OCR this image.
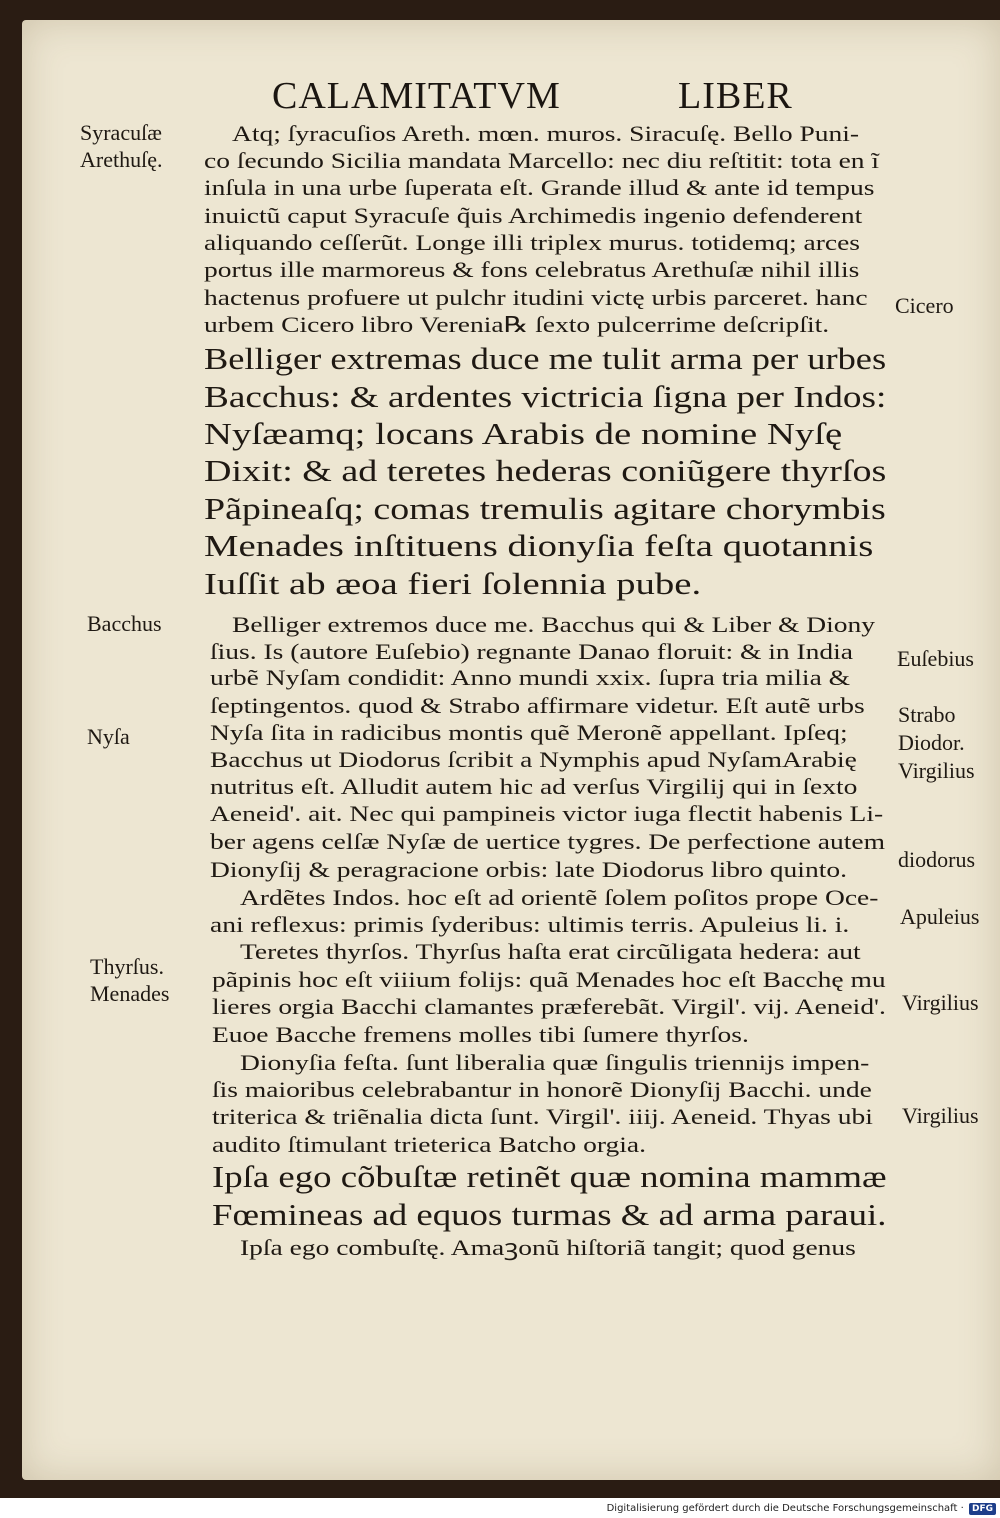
CALAMITATVM	LIBER
Atq; ſyracuſios Areth. mœn. muros. Siracuſę. Bello Puni-
co ſecundo Sicilia mandata Marcello: nec diu reſtitit: tota en ĩ
inſula in una urbe ſuperata eſt. Grande illud & ante id tempus
inuictũ caput Syracuſe q̃uis Archimedis ingenio defenderent
aliquando ceſſerũt. Longe illi triplex murus. totidemq; arces
portus ille marmoreus & fons celebratus Arethuſæ nihil illis
hactenus profuere ut pulchr itudini victę urbis parceret. hanc
urbem Cicero libro Verenia℞ ſexto pulcerrime deſcripſit.
Belliger extremas duce me tulit arma per urbes
Bacchus: & ardentes victricia ſigna per Indos:
Nyſæamq; locans Arabis de nomine Nyſę
Dixit: & ad teretes hederas coniũgere thyrſos
Pãpineaſq; comas tremulis agitare chorymbis
Menades inſtituens dionyſia feſta quotannis
Iuſſit ab æoa fieri ſolennia pube.
Belliger extremos duce me. Bacchus qui & Liber & Diony
ſius. Is (autore Euſebio) regnante Danao floruit: & in India
urbẽ Nyſam condidit: Anno mundi xxix. ſupra tria milia &
ſeptingentos. quod & Strabo affirmare videtur. Eſt autẽ urbs
Nyſa ſita in radicibus montis quẽ Meronẽ appellant. Ipſeq;
Bacchus ut Diodorus ſcribit a Nymphis apud NyſamArabię
nutritus eſt. Alludit autem hic ad verſus Virgilij qui in ſexto
Aeneid'. ait. Nec qui pampineis victor iuga flectit habenis Li-
ber agens celſæ Nyſæ de uertice tygres. De perfectione autem
Dionyſij & peragracione orbis: late Diodorus libro quinto.
Ardẽtes Indos. hoc eſt ad orientẽ ſolem poſitos prope Oce-
ani reflexus: primis ſyderibus: ultimis terris. Apuleius li. i.
Teretes thyrſos. Thyrſus haſta erat circũligata hedera: aut
pãpinis hoc eſt viiium folijs: quã Menades hoc eſt Bacchę mu
lieres orgia Bacchi clamantes præferebãt. Virgil'. vij. Aeneid'.
Euoe Bacche fremens molles tibi ſumere thyrſos.
Dionyſia feſta. ſunt liberalia quæ ſingulis triennijs impen-
ſis maioribus celebrabantur in honorẽ Dionyſij Bacchi. unde
triterica & triẽnalia dicta ſunt. Virgil'. iiij. Aeneid. Thyas ubi
audito ſtimulant trieterica Batcho orgia.
Ipſa ego cõbuſtæ retinẽt quæ nomina mammæ
Fœmineas ad equos turmas & ad arma paraui.
Ipſa ego combuſtę. Amaꝫonũ hiſtoriã tangit; quod genus
Syracuſæ
Arethuſę.
Bacchus
Nyſa
Thyrſus.
Menades
Cicero
Euſebius
Strabo
Diodor.
Virgilius
diodorus
Apuleius
Virgilius
Virgilius
Digitalisierung gefördert durch die Deutsche Forschungsgemeinschaft · DFG
